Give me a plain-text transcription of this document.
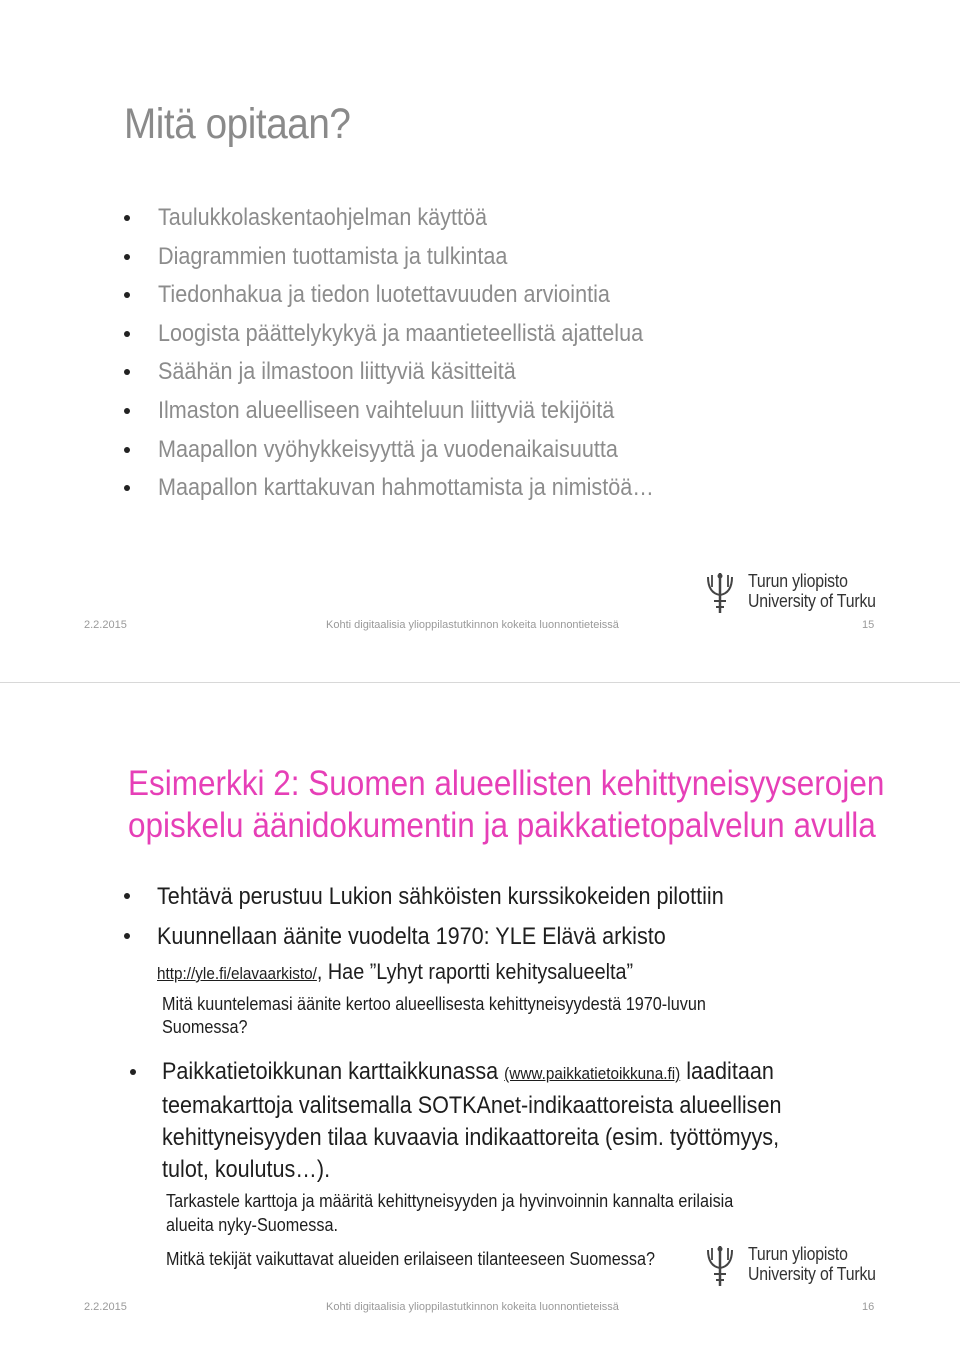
Mitä opitaan?
Taulukkolaskentaohjelman käyttöä
Diagrammien tuottamista ja tulkintaa
Tiedonhakua ja tiedon luotettavuuden arviointia
Loogista päättelykykyä ja maantieteellistä ajattelua
Säähän ja ilmastoon liittyviä käsitteitä
Ilmaston alueelliseen vaihteluun liittyviä tekijöitä
Maapallon vyöhykkeisyyttä ja vuodenaikaisuutta
Maapallon karttakuvan hahmottamista ja nimistöä…
Turun yliopisto
University of Turku
2.2.2015	Kohti digitaalisia ylioppilastutkinnon kokeita luonnontieteissä	15
Esimerkki 2: Suomen alueellisten kehittyneisyyserojen
opiskelu äänidokumentin ja paikkatietopalvelun avulla
Tehtävä perustuu Lukion sähköisten kurssikokeiden pilottiin
Kuunnellaan äänite vuodelta 1970: YLE Elävä arkisto
http://yle.fi/elavaarkisto/, Hae ”Lyhyt raportti kehitysalueelta”
Mitä kuuntelemasi äänite kertoo alueellisesta kehittyneisyydestä 1970-luvun
Suomessa?
Paikkatietoikkunan karttaikkunassa (www.paikkatietoikkuna.fi) laaditaan
teemakarttoja valitsemalla SOTKAnet-indikaattoreista alueellisen
kehittyneisyyden tilaa kuvaavia indikaattoreita (esim. työttömyys,
tulot, koulutus…).
Tarkastele karttoja ja määritä kehittyneisyyden ja hyvinvoinnin kannalta erilaisia
alueita nyky-Suomessa.
Mitkä tekijät vaikuttavat alueiden erilaiseen tilanteeseen Suomessa?	Turun yliopisto
University of Turku
2.2.2015	Kohti digitaalisia ylioppilastutkinnon kokeita luonnontieteissä	16
